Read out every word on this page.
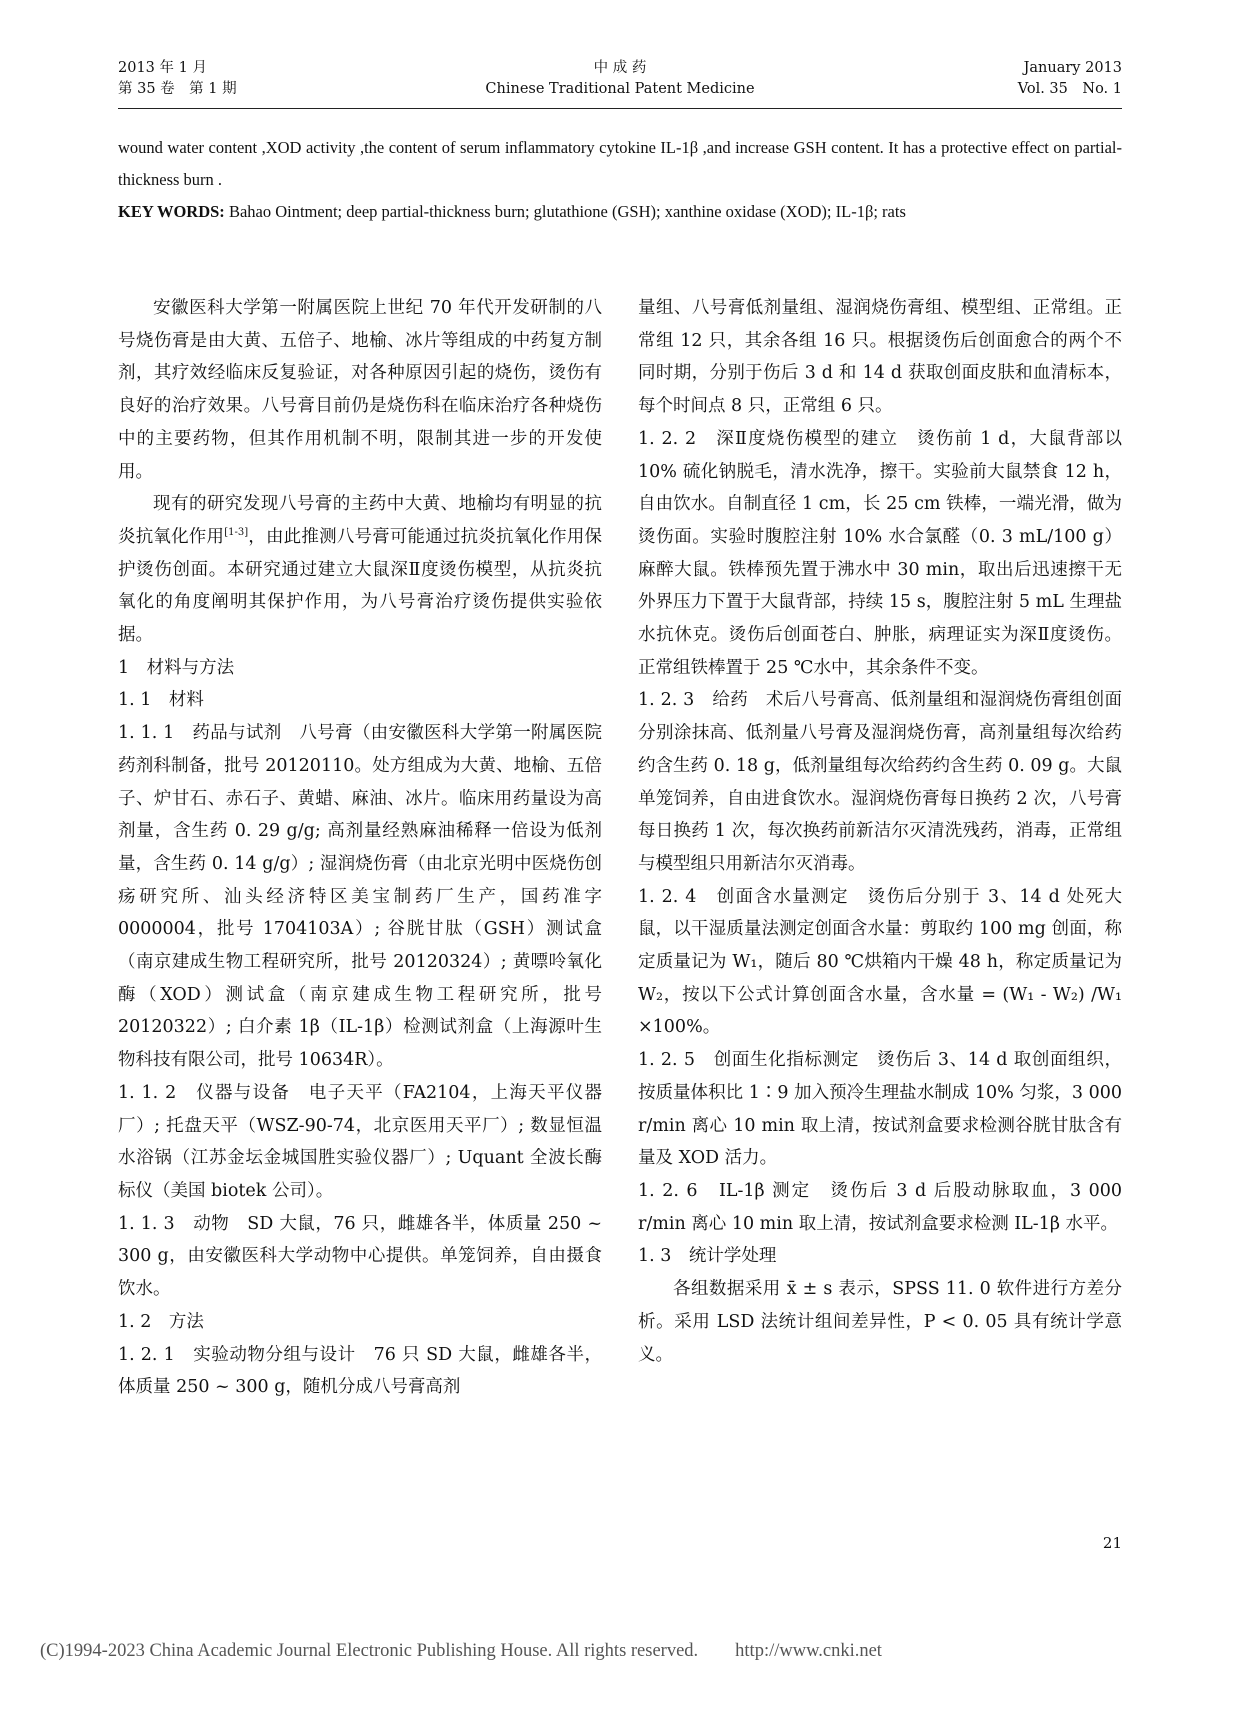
2013 年 1 月
第 35 卷　第 1 期
中 成 药
Chinese Traditional Patent Medicine
January 2013
Vol. 35　No. 1

wound water content ,XOD activity ,the content of serum inflammatory cytokine IL-1β ,and increase GSH content. It has a protective effect on partial-thickness burn .

KEY WORDS: Bahao Ointment; deep partial-thickness burn; glutathione (GSH); xanthine oxidase (XOD); IL-1β; rats

安徽医科大学第一附属医院上世纪 70 年代开发研制的八号烧伤膏是由大黄、五倍子、地榆、冰片等组成的中药复方制剂，其疗效经临床反复验证，对各种原因引起的烧伤，烫伤有良好的治疗效果。八号膏目前仍是烧伤科在临床治疗各种烧伤中的主要药物，但其作用机制不明，限制其进一步的开发使用。

现有的研究发现八号膏的主药中大黄、地榆均有明显的抗炎抗氧化作用[1-3]，由此推测八号膏可能通过抗炎抗氧化作用保护烫伤创面。本研究通过建立大鼠深Ⅱ度烫伤模型，从抗炎抗氧化的角度阐明其保护作用，为八号膏治疗烫伤提供实验依据。

1　材料与方法

1. 1　材料

1. 1. 1　药品与试剂　八号膏（由安徽医科大学第一附属医院药剂科制备，批号 20120110。处方组成为大黄、地榆、五倍子、炉甘石、赤石子、黄蜡、麻油、冰片。临床用药量设为高剂量，含生药 0. 29 g/g; 高剂量经熟麻油稀释一倍设为低剂量，含生药 0. 14 g/g）; 湿润烧伤膏（由北京光明中医烧伤创疡研究所、汕头经济特区美宝制药厂生产，国药准字 0000004，批号 1704103A）; 谷胱甘肽（GSH）测试盒（南京建成生物工程研究所，批号 20120324）; 黄嘌呤氧化酶（XOD）测试盒（南京建成生物工程研究所，批号 20120322）; 白介素 1β（IL-1β）检测试剂盒（上海源叶生物科技有限公司，批号 10634R）。

1. 1. 2　仪器与设备　电子天平（FA2104，上海天平仪器厂）; 托盘天平（WSZ-90-74，北京医用天平厂）; 数显恒温水浴锅（江苏金坛金城国胜实验仪器厂）; Uquant 全波长酶标仪（美国 biotek 公司）。

1. 1. 3　动物　SD 大鼠，76 只，雌雄各半，体质量 250 ~ 300 g，由安徽医科大学动物中心提供。单笼饲养，自由摄食饮水。

1. 2　方法

1. 2. 1　实验动物分组与设计　76 只 SD 大鼠，雌雄各半，体质量 250 ~ 300 g，随机分成八号膏高剂

量组、八号膏低剂量组、湿润烧伤膏组、模型组、正常组。正常组 12 只，其余各组 16 只。根据烫伤后创面愈合的两个不同时期，分别于伤后 3 d 和 14 d 获取创面皮肤和血清标本，每个时间点 8 只，正常组 6 只。

1. 2. 2　深Ⅱ度烧伤模型的建立　烫伤前 1 d，大鼠背部以 10% 硫化钠脱毛，清水洗净，擦干。实验前大鼠禁食 12 h，自由饮水。自制直径 1 cm，长 25 cm 铁棒，一端光滑，做为烫伤面。实验时腹腔注射 10% 水合氯醛（0. 3 mL/100 g）麻醉大鼠。铁棒预先置于沸水中 30 min，取出后迅速擦干无外界压力下置于大鼠背部，持续 15 s，腹腔注射 5 mL 生理盐水抗休克。烫伤后创面苍白、肿胀，病理证实为深Ⅱ度烫伤。正常组铁棒置于 25 ℃水中，其余条件不变。

1. 2. 3　给药　术后八号膏高、低剂量组和湿润烧伤膏组创面分别涂抹高、低剂量八号膏及湿润烧伤膏，高剂量组每次给药约含生药 0. 18 g，低剂量组每次给药约含生药 0. 09 g。大鼠单笼饲养，自由进食饮水。湿润烧伤膏每日换药 2 次，八号膏每日换药 1 次，每次换药前新洁尔灭清洗残药，消毒，正常组与模型组只用新洁尔灭消毒。

1. 2. 4　创面含水量测定　烫伤后分别于 3、14 d 处死大鼠，以干湿质量法测定创面含水量：剪取约 100 mg 创面，称定质量记为 W₁，随后 80 ℃烘箱内干燥 48 h，称定质量记为 W₂，按以下公式计算创面含水量，含水量 = (W₁ - W₂) /W₁ ×100%。

1. 2. 5　创面生化指标测定　烫伤后 3、14 d 取创面组织，按质量体积比 1∶9 加入预冷生理盐水制成 10% 匀浆，3 000 r/min 离心 10 min 取上清，按试剂盒要求检测谷胱甘肽含有量及 XOD 活力。

1. 2. 6　IL-1β 测定　烫伤后 3 d 后股动脉取血，3 000 r/min 离心 10 min 取上清，按试剂盒要求检测 IL-1β 水平。

1. 3　统计学处理

各组数据采用 x̄ ± s 表示，SPSS 11. 0 软件进行方差分析。采用 LSD 法统计组间差异性，P < 0. 05 具有统计学意义。

21
(C)1994-2023 China Academic Journal Electronic Publishing House. All rights reserved.　　http://www.cnki.net
